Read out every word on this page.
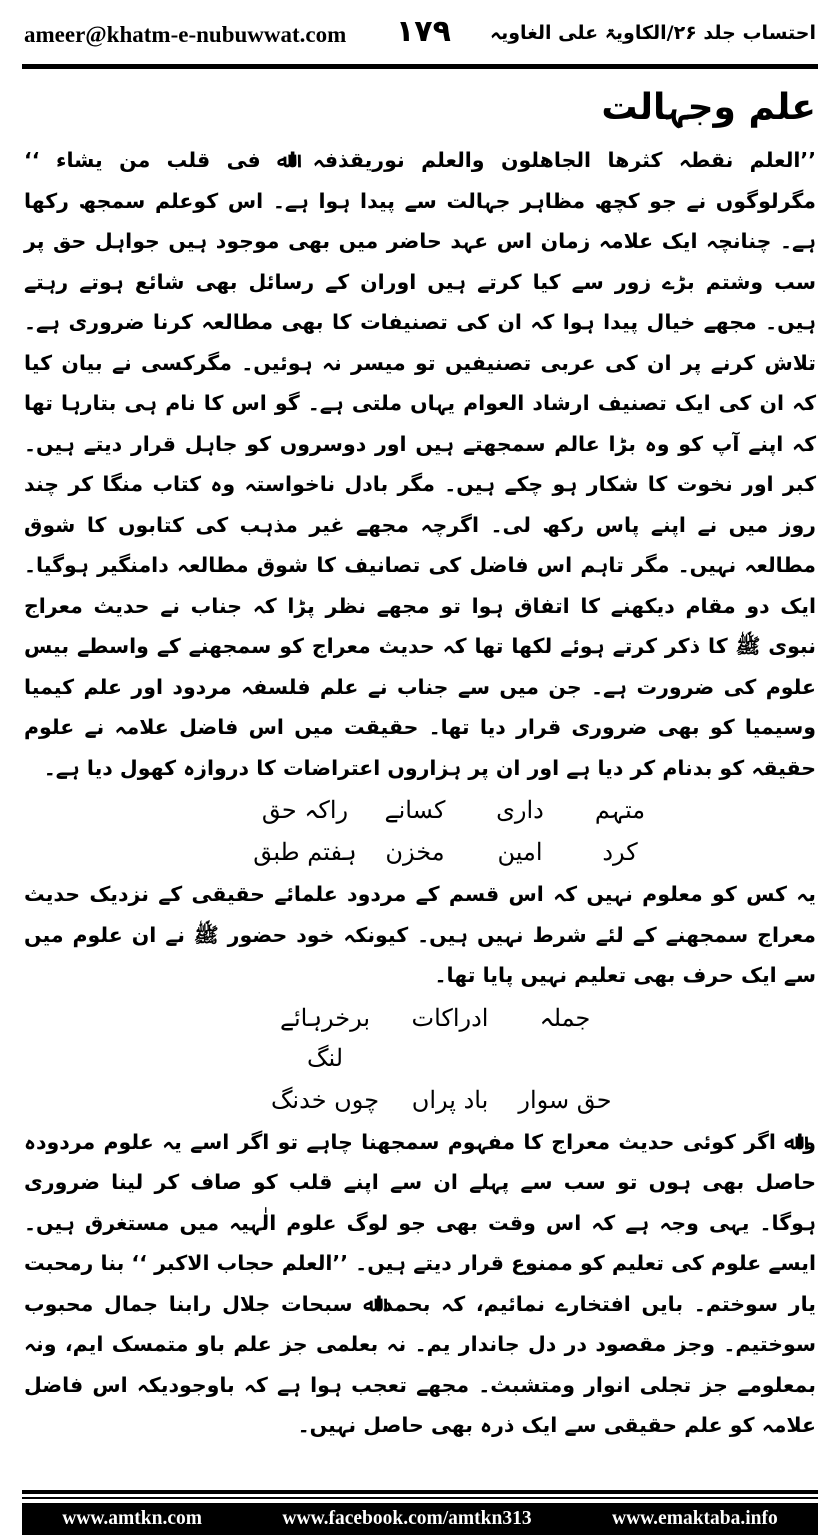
ameer@khatm-e-nubuwwat.com ۱۷۹ احتساب جلد ۲۶/الکاویۃ علی الغاویہ
علم وجہالت

’’العلم نقطہ کثرھا الجاھلون والعلم نوریقذفہ اﷲ فی قلب من یشاء ‘‘ مگرلوگوں نے جو کچھ مظاہر جہالت سے پیدا ہوا ہے۔ اس کوعلم سمجھ رکھا ہے۔ چنانچہ ایک علامہ زمان اس عہد حاضر میں بھی موجود ہیں جواہل حق پر سب وشتم بڑے زور سے کیا کرتے ہیں اوران کے رسائل بھی شائع ہوتے رہتے ہیں۔ مجھے خیال پیدا ہوا کہ ان کی تصنیفات کا بھی مطالعہ کرنا ضروری ہے۔ تلاش کرنے پر ان کی عربی تصنیفیں تو میسر نہ ہوئیں۔ مگرکسی نے بیان کیا کہ ان کی ایک تصنیف ارشاد العوام یہاں ملتی ہے۔ گو اس کا نام ہی بتارہا تھا کہ اپنے آپ کو وہ بڑا عالم سمجھتے ہیں اور دوسروں کو جاہل قرار دیتے ہیں۔ کبر اور نخوت کا شکار ہو چکے ہیں۔ مگر بادل ناخواستہ وہ کتاب منگا کر چند روز میں نے اپنے پاس رکھ لی۔ اگرچہ مجھے غیر مذہب کی کتابوں کا شوق مطالعہ نہیں۔ مگر تاہم اس فاضل کی تصانیف کا شوق مطالعہ دامنگیر ہوگیا۔ ایک دو مقام دیکھنے کا اتفاق ہوا تو مجھے نظر پڑا کہ جناب نے حدیث معراج نبوی ﷺ کا ذکر کرتے ہوئے لکھا تھا کہ حدیث معراج کو سمجھنے کے واسطے بیس علوم کی ضرورت ہے۔ جن میں سے جناب نے علم فلسفہ مردود اور علم کیمیا وسیمیا کو بھی ضروری قرار دیا تھا۔ حقیقت میں اس فاضل علامہ نے علوم حقیقہ کو بدنام کر دیا ہے اور ان پر ہزاروں اعتراضات کا دروازہ کھول دیا ہے۔

متہم
داری
کسانے
راکہ حق
کرد
امین
مخزن
ہفتم طبق

یہ کس کو معلوم نہیں کہ اس قسم کے مردود علمائے حقیقی کے نزدیک حدیث معراج سمجھنے کے لئے شرط نہیں ہیں۔ کیونکہ خود حضور ﷺ نے ان علوم میں سے ایک حرف بھی تعلیم نہیں پایا تھا۔

جملہ
ادراکات
برخرہائے لنگ
حق سوار
باد پراں
چوں خدنگ

واﷲ اگر کوئی حدیث معراج کا مفہوم سمجھنا چاہے تو اگر اسے یہ علوم مردودہ حاصل بھی ہوں تو سب سے پہلے ان سے اپنے قلب کو صاف کر لینا ضروری ہوگا۔ یہی وجہ ہے کہ اس وقت بھی جو لوگ علوم الٰہیہ میں مستغرق ہیں۔ ایسے علوم کی تعلیم کو ممنوع قرار دیتے ہیں۔ ’’العلم حجاب الاکبر ‘‘ بنا رمحبت یار سوختم۔ بایں افتخارے نمائیم، کہ بحمداﷲ سبحات جلال رابنا جمال محبوب سوختیم۔ وجز مقصود در دل جاندار یم۔ نہ بعلمی جز علم باو متمسک ایم، ونہ بمعلومے جز تجلی انوار ومتشبث۔ مجھے تعجب ہوا ہے کہ باوجودیکہ اس فاضل علامہ کو علم حقیقی سے ایک ذرہ بھی حاصل نہیں۔

www.amtkn.com	www.facebook.com/amtkn313	www.emaktaba.info
